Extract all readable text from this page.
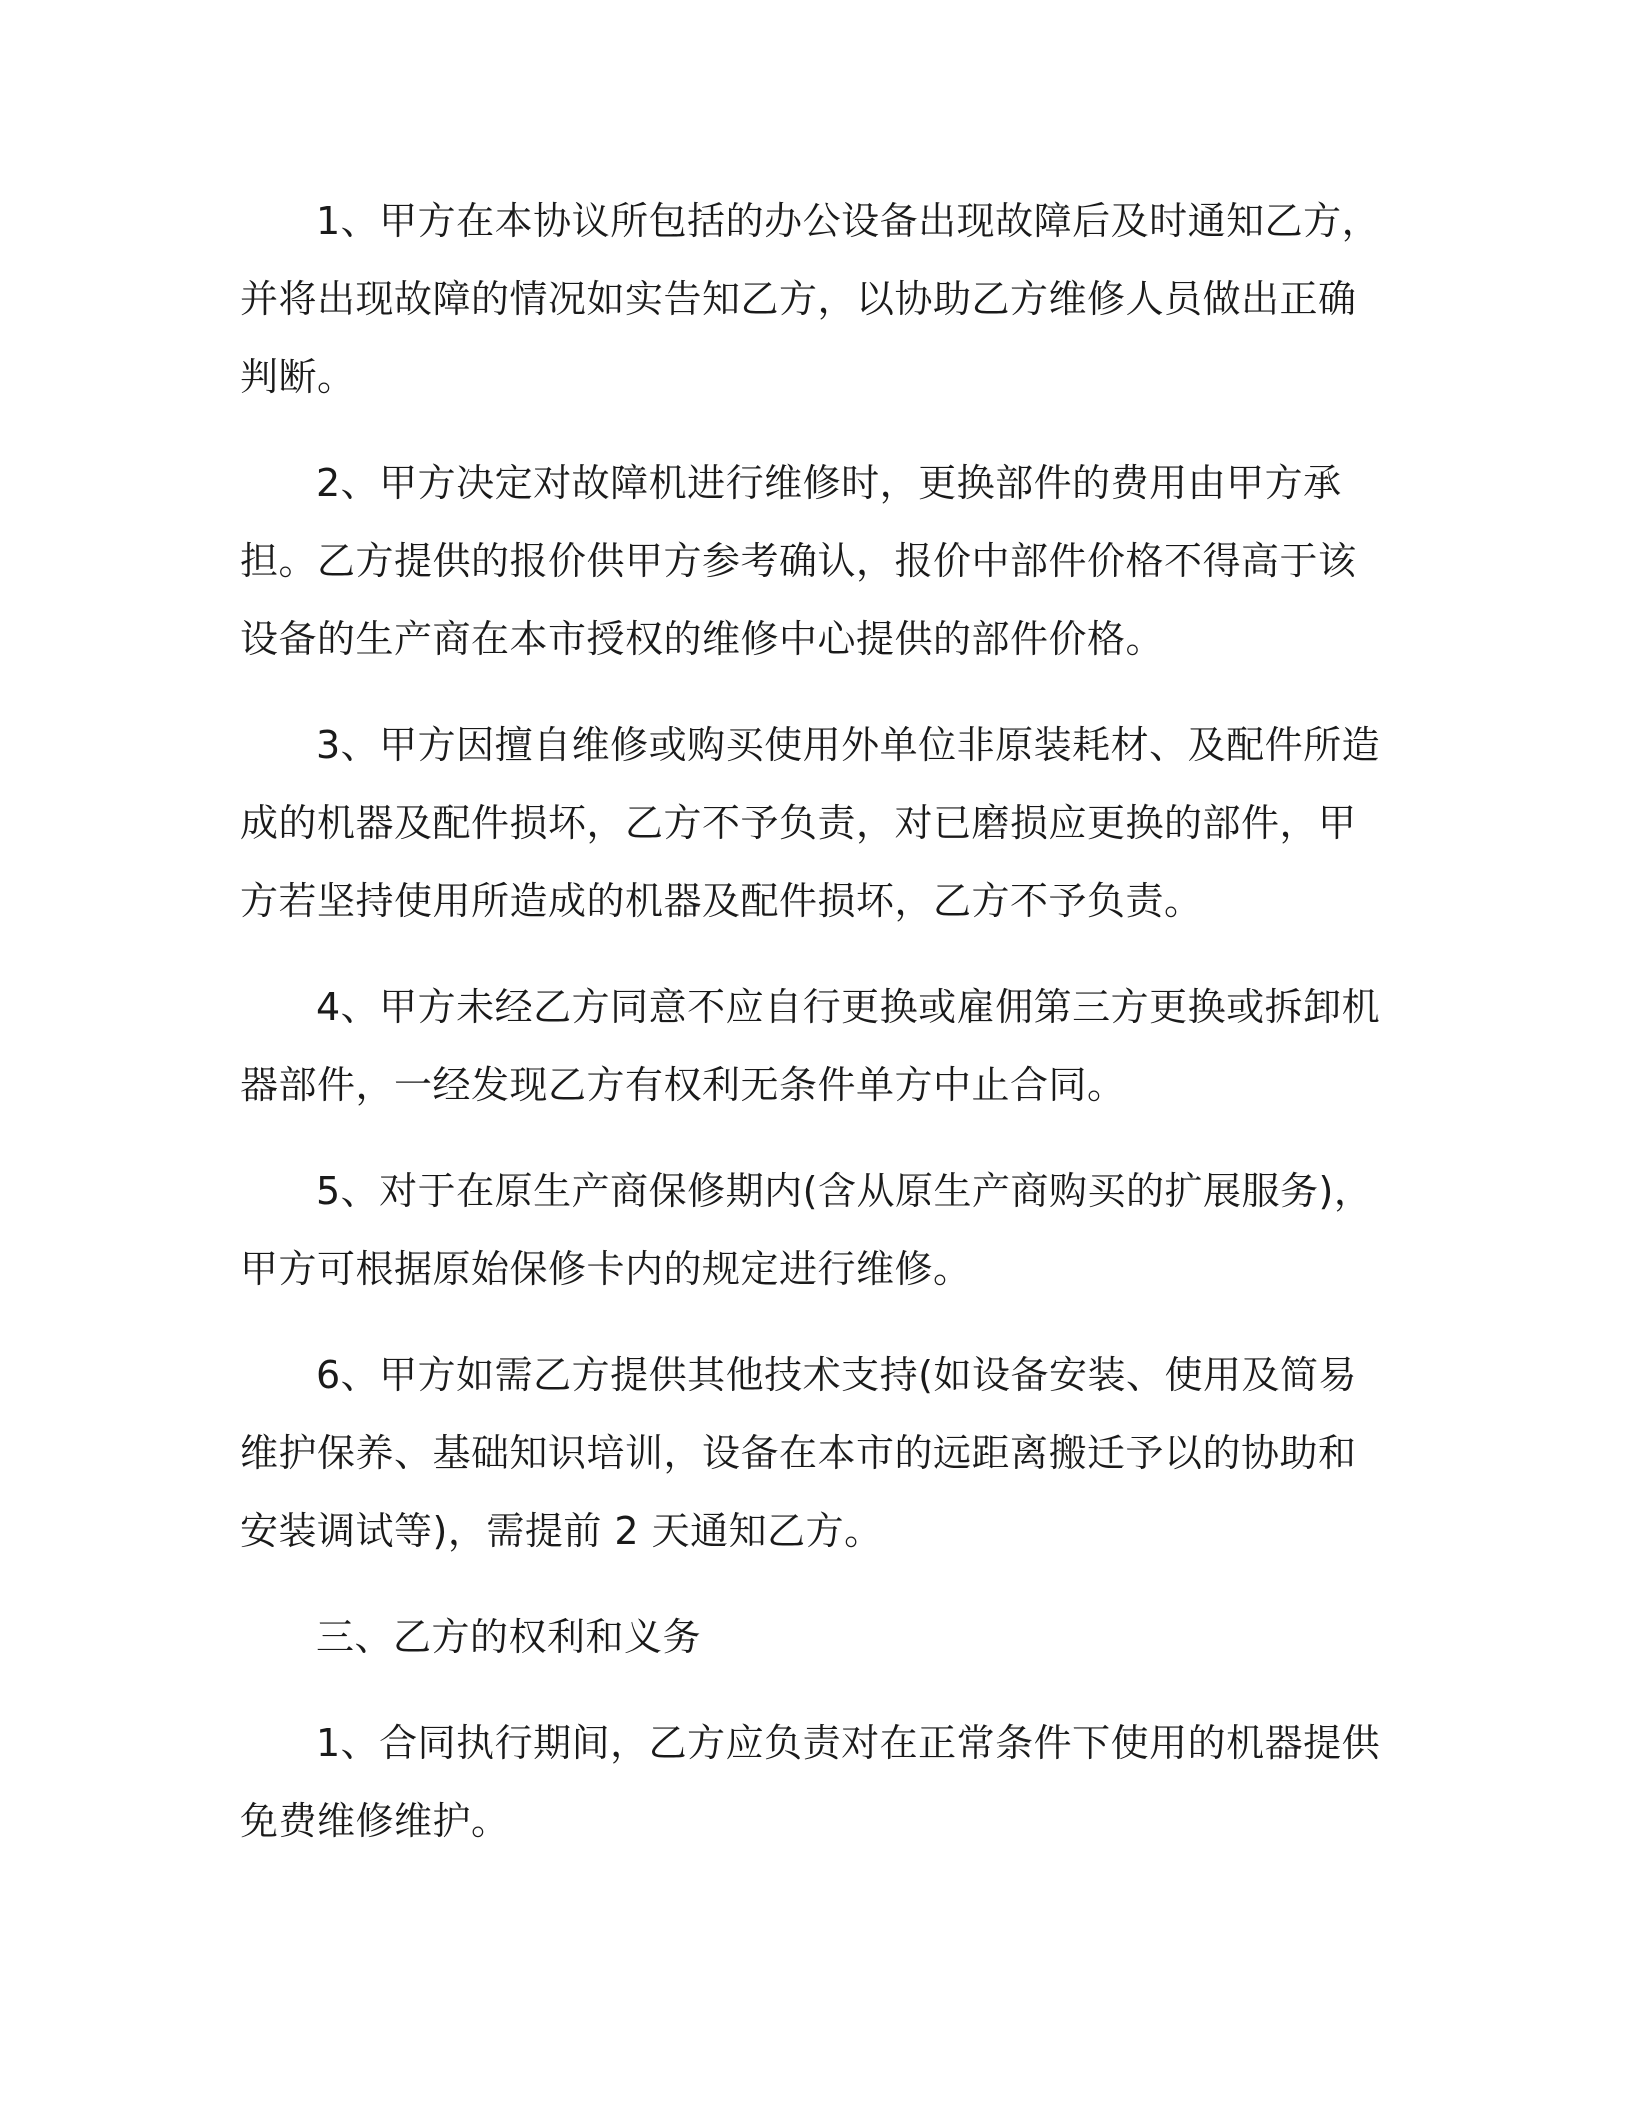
1、甲方在本协议所包括的办公设备出现故障后及时通知乙方，并将出现故障的情况如实告知乙方，以协助乙方维修人员做出正确判断。

2、甲方决定对故障机进行维修时，更换部件的费用由甲方承担。乙方提供的报价供甲方参考确认，报价中部件价格不得高于该设备的生产商在本市授权的维修中心提供的部件价格。

3、甲方因擅自维修或购买使用外单位非原装耗材、及配件所造成的机器及配件损坏，乙方不予负责，对已磨损应更换的部件，甲方若坚持使用所造成的机器及配件损坏，乙方不予负责。

4、甲方未经乙方同意不应自行更换或雇佣第三方更换或拆卸机器部件，一经发现乙方有权利无条件单方中止合同。

5、对于在原生产商保修期内(含从原生产商购买的扩展服务)，甲方可根据原始保修卡内的规定进行维修。

6、甲方如需乙方提供其他技术支持(如设备安装、使用及简易维护保养、基础知识培训，设备在本市的远距离搬迁予以的协助和安装调试等)，需提前 2 天通知乙方。

三、乙方的权利和义务

1、合同执行期间，乙方应负责对在正常条件下使用的机器提供免费维修维护。
